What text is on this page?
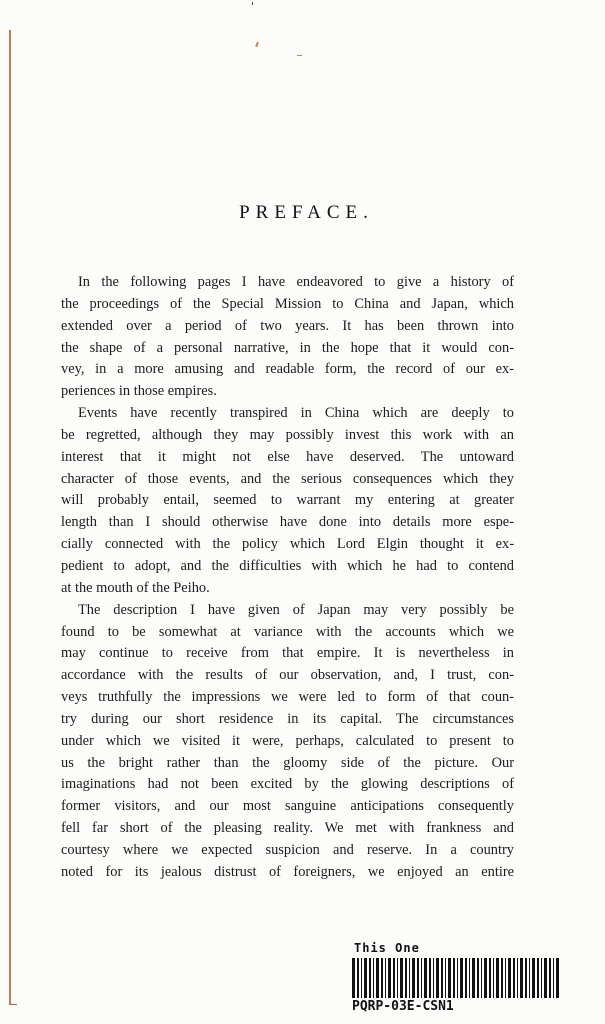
PREFACE.
In the following pages I have endeavored to give a history of
the proceedings of the Special Mission to China and Japan, which
extended over a period of two years. It has been thrown into
the shape of a personal narrative, in the hope that it would con-
vey, in a more amusing and readable form, the record of our ex-
periences in those empires.
Events have recently transpired in China which are deeply to
be regretted, although they may possibly invest this work with an
interest that it might not else have deserved. The untoward
character of those events, and the serious consequences which they
will probably entail, seemed to warrant my entering at greater
length than I should otherwise have done into details more espe-
cially connected with the policy which Lord Elgin thought it ex-
pedient to adopt, and the difficulties with which he had to contend
at the mouth of the Peiho.
The description I have given of Japan may very possibly be
found to be somewhat at variance with the accounts which we
may continue to receive from that empire. It is nevertheless in
accordance with the results of our observation, and, I trust, con-
veys truthfully the impressions we were led to form of that coun-
try during our short residence in its capital. The circumstances
under which we visited it were, perhaps, calculated to present to
us the bright rather than the gloomy side of the picture. Our
imaginations had not been excited by the glowing descriptions of
former visitors, and our most sanguine anticipations consequently
fell far short of the pleasing reality. We met with frankness and
courtesy where we expected suspicion and reserve. In a country
noted for its jealous distrust of foreigners, we enjoyed an entire
This One
PQRP-03E-CSN1
